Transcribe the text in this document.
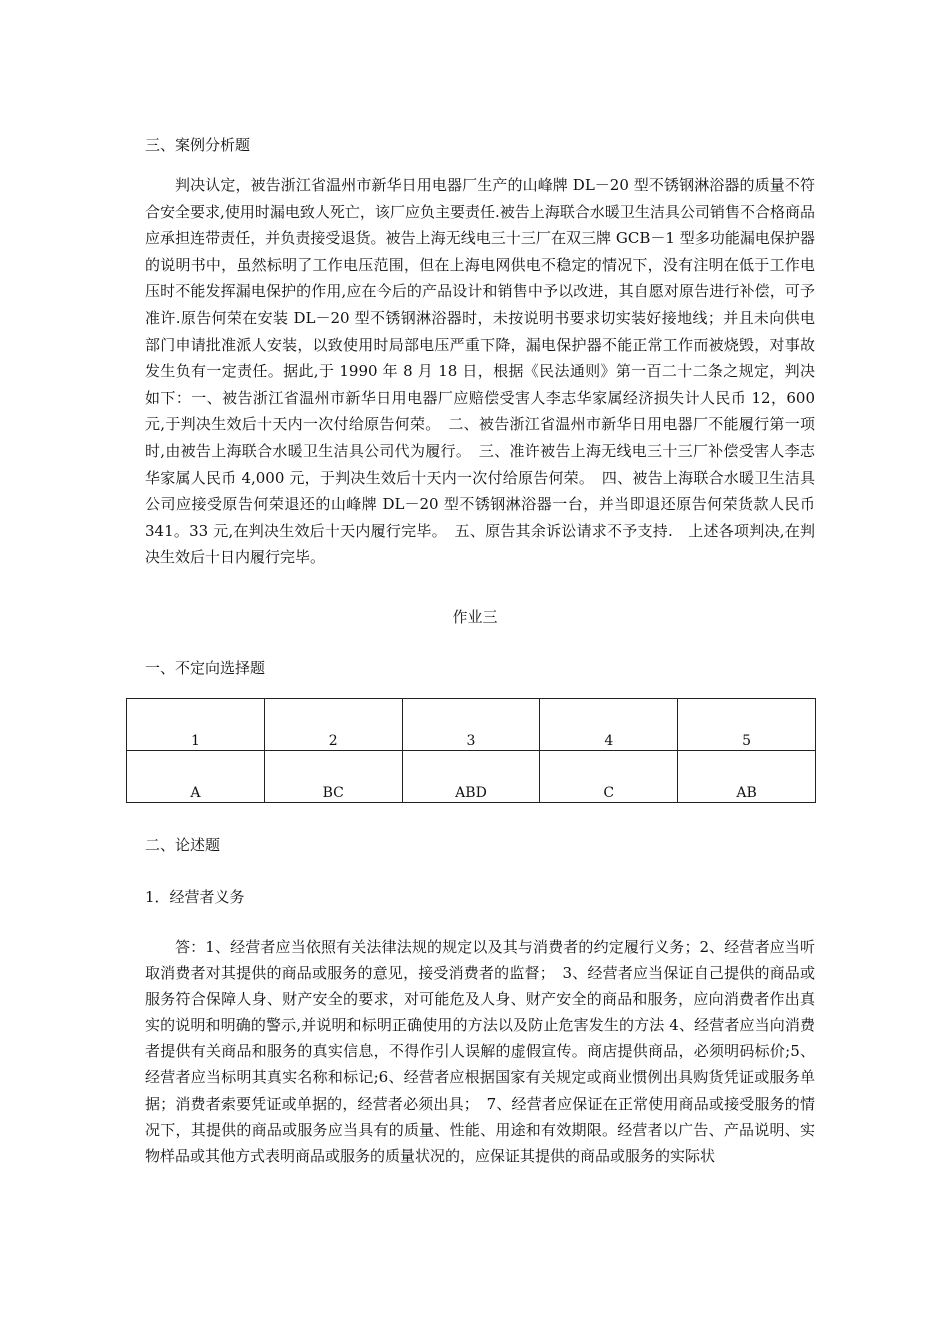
三、案例分析题

判决认定，被告浙江省温州市新华日用电器厂生产的山峰牌 DL－20 型不锈钢淋浴器的质量不符合安全要求,使用时漏电致人死亡，该厂应负主要责任.被告上海联合水暖卫生洁具公司销售不合格商品应承担连带责任，并负责接受退货。被告上海无线电三十三厂在双三牌 GCB－1 型多功能漏电保护器的说明书中，虽然标明了工作电压范围，但在上海电网供电不稳定的情况下，没有注明在低于工作电压时不能发挥漏电保护的作用,应在今后的产品设计和销售中予以改进，其自愿对原告进行补偿，可予准许.原告何荣在安装 DL－20 型不锈钢淋浴器时，未按说明书要求切实装好接地线；并且未向供电部门申请批准派人安装，以致使用时局部电压严重下降，漏电保护器不能正常工作而被烧毁，对事故发生负有一定责任。据此,于 1990 年 8 月 18 日，根据《民法通则》第一百二十二条之规定，判决如下：一、被告浙江省温州市新华日用电器厂应赔偿受害人李志华家属经济损失计人民币 12，600 元,于判决生效后十天内一次付给原告何荣。　二、被告浙江省温州市新华日用电器厂不能履行第一项时,由被告上海联合水暖卫生洁具公司代为履行。　三、准许被告上海无线电三十三厂补偿受害人李志华家属人民币 4,000 元，于判决生效后十天内一次付给原告何荣。　四、被告上海联合水暖卫生洁具公司应接受原告何荣退还的山峰牌 DL－20 型不锈钢淋浴器一台，并当即退还原告何荣货款人民币 341。33 元,在判决生效后十天内履行完毕。　五、原告其余诉讼请求不予支持.　上述各项判决,在判决生效后十日内履行完毕。

作业三
一、不定向选择题
1	2	3	4	5
A	BC	ABD	C	AB
二、论述题
1．经营者义务

答：1、经营者应当依照有关法律法规的规定以及其与消费者的约定履行义务；2、经营者应当听取消费者对其提供的商品或服务的意见，接受消费者的监督；　3、经营者应当保证自己提供的商品或服务符合保障人身、财产安全的要求，对可能危及人身、财产安全的商品和服务，应向消费者作出真实的说明和明确的警示,并说明和标明正确使用的方法以及防止危害发生的方法 4、经营者应当向消费者提供有关商品和服务的真实信息，不得作引人误解的虚假宣传。商店提供商品，必须明码标价;5、经营者应当标明其真实名称和标记;6、经营者应根据国家有关规定或商业惯例出具购货凭证或服务单据；消费者索要凭证或单据的，经营者必须出具；　7、经营者应保证在正常使用商品或接受服务的情况下，其提供的商品或服务应当具有的质量、性能、用途和有效期限。经营者以广告、产品说明、实物样品或其他方式表明商品或服务的质量状况的，应保证其提供的商品或服务的实际状
